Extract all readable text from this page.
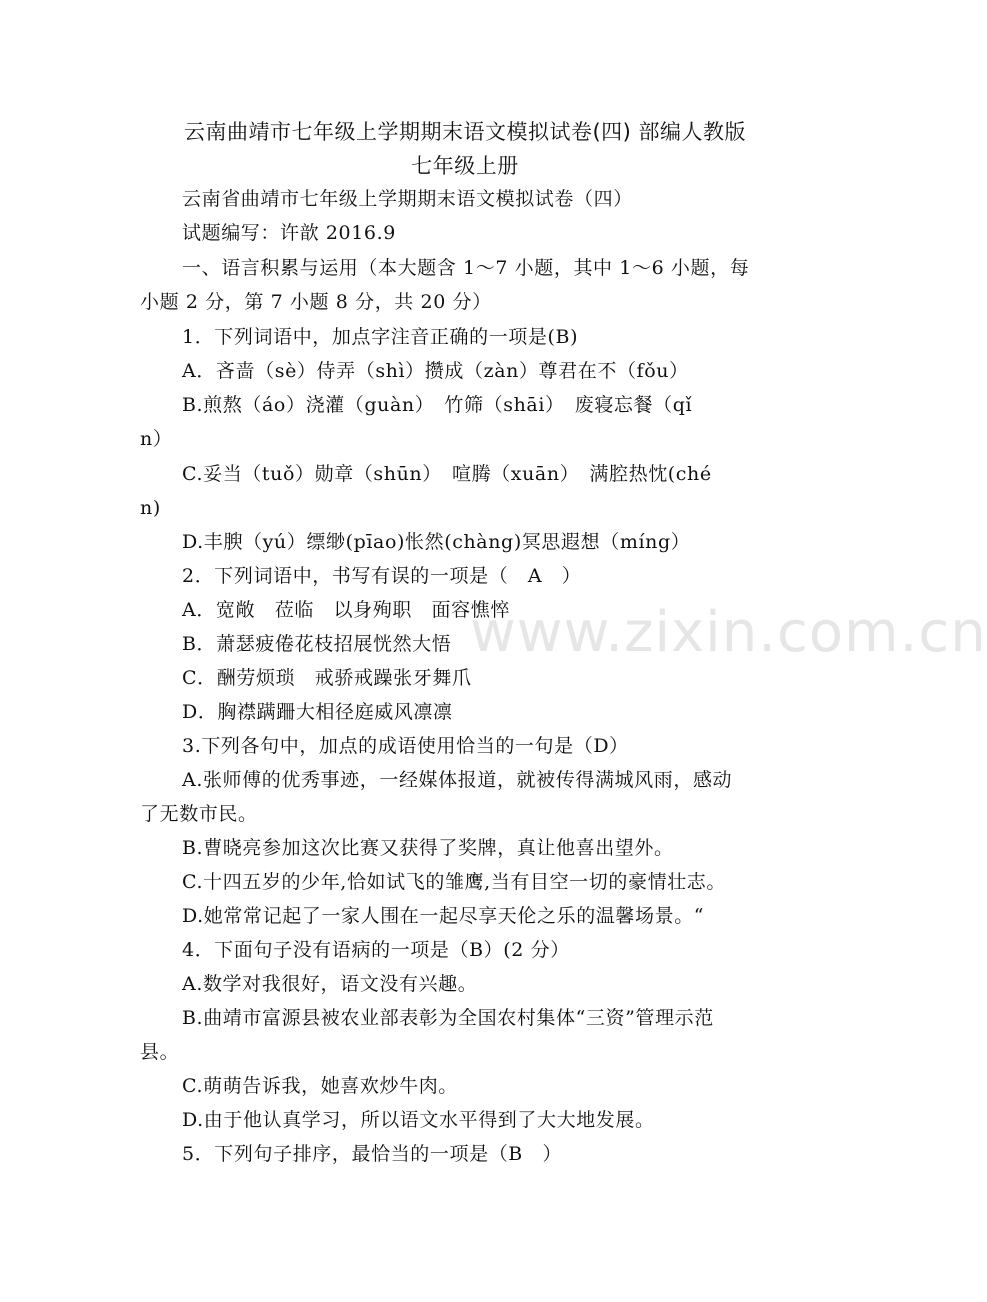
www.zixin.com.cn
云南曲靖市七年级上学期期末语文模拟试卷(四) 部编人教版
七年级上册
云南省曲靖市七年级上学期期末语文模拟试卷（四）
试题编写：许歆 2016.9
一、语言积累与运用（本大题含 1～7 小题，其中 1～6 小题，每
小题 2 分，第 7 小题 8 分，共 20 分）
1．下列词语中，加点字注音正确的一项是(B)
A．吝啬（sè）侍弄（shì）攒成（zàn）尊君在不（fǒu）
B.煎熬（áo）浇灌（guàn）　竹筛（shāi）　废寝忘餐（qǐ
n）
C.妥当（tuǒ）勋章（shūn）　喧腾（xuān）　满腔热忱(ché
n)
D.丰腴（yú）缥缈(pīao)怅然(chàng)冥思遐想（míng）
2．下列词语中，书写有误的一项是（　A　）
A．宽敞　莅临　以身殉职　面容憔悴
B．萧瑟疲倦花枝招展恍然大悟
C．酬劳烦琐　戒骄戒躁张牙舞爪
D．胸襟蹒跚大相径庭威风凛凛
3.下列各句中，加点的成语使用恰当的一句是（D）
A.张师傅的优秀事迹，一经媒体报道，就被传得满城风雨，感动
了无数市民。
B.曹晓亮参加这次比赛又获得了奖牌，真让他喜出望外。
C.十四五岁的少年,恰如试飞的雏鹰,当有目空一切的豪情壮志。
D.她常常记起了一家人围在一起尽享天伦之乐的温馨场景。“
4．下面句子没有语病的一项是（B）(2 分）
A.数学对我很好，语文没有兴趣。
B.曲靖市富源县被农业部表彰为全国农村集体“三资”管理示范
县。
C.萌萌告诉我，她喜欢炒牛肉。
D.由于他认真学习，所以语文水平得到了大大地发展。
5．下列句子排序，最恰当的一项是（B　）
